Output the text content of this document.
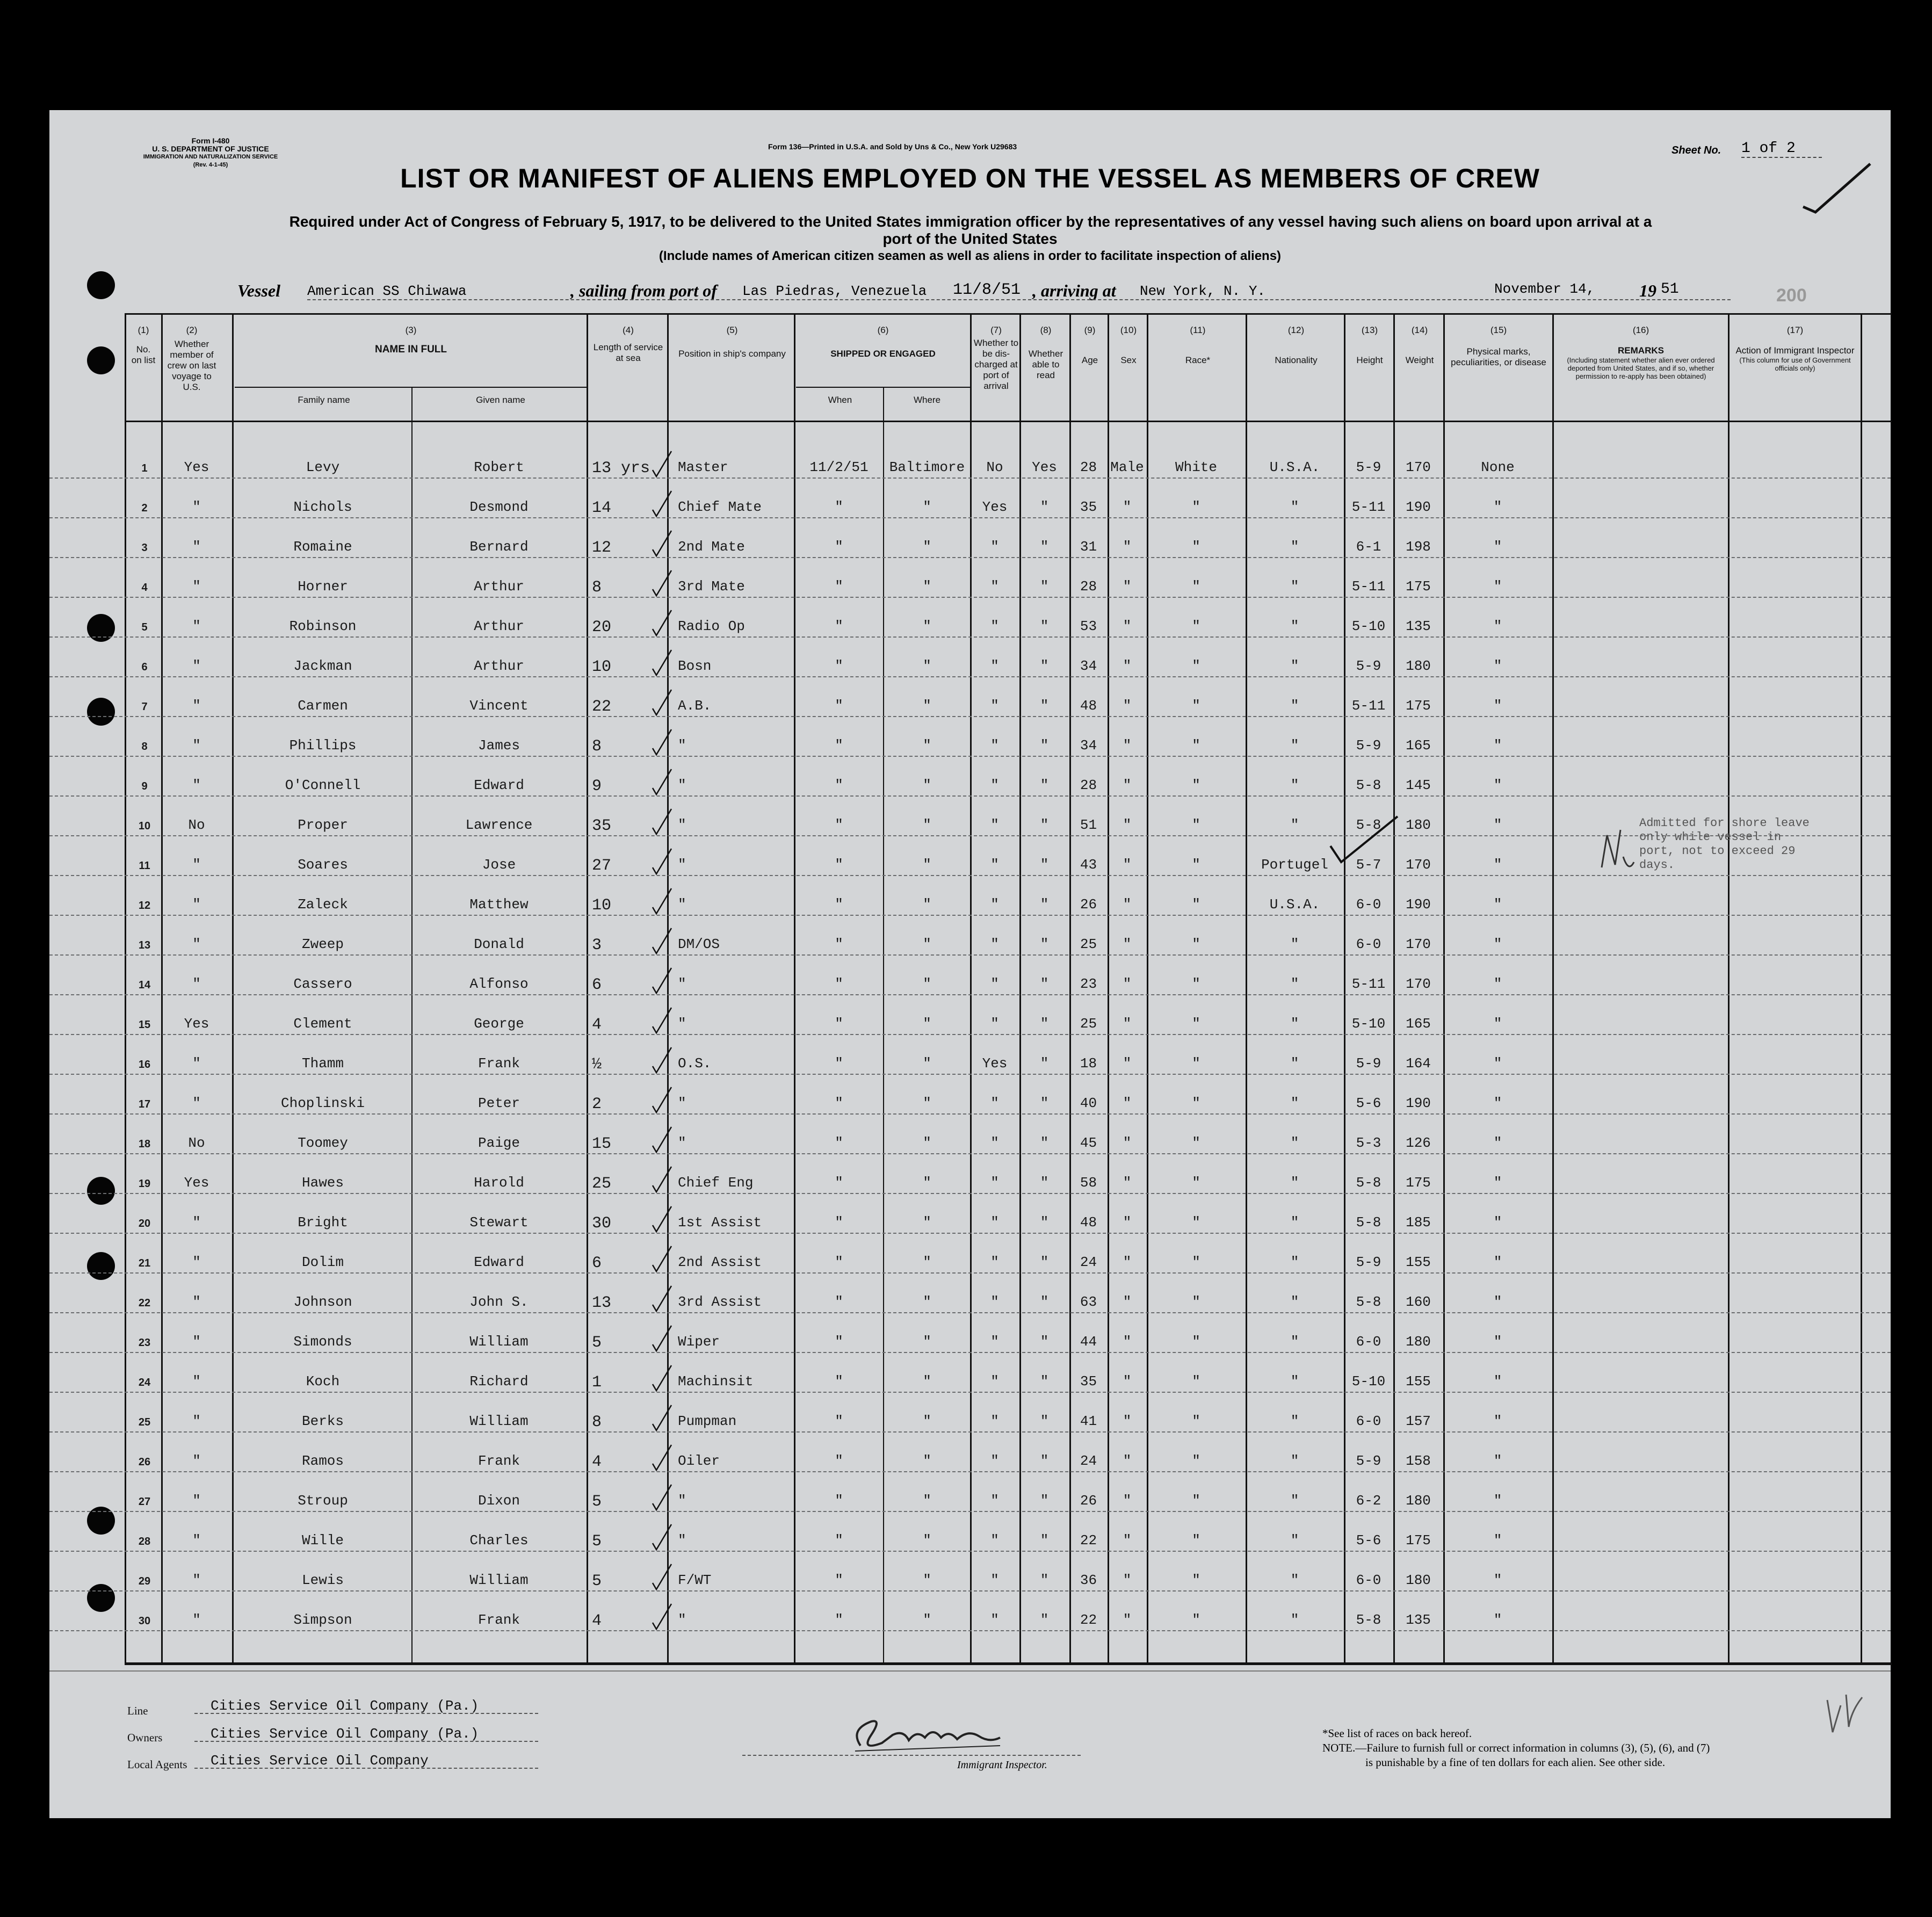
Form I-480
U. S. DEPARTMENT OF JUSTICE
IMMIGRATION AND NATURALIZATION SERVICE
(Rev. 4-1-45)
Form 136—Printed in U.S.A. and Sold by Uns & Co., New York U29683	Sheet No. 1 of 2
LIST OR MANIFEST OF ALIENS EMPLOYED ON THE VESSEL AS MEMBERS OF CREW
Required under Act of Congress of February 5, 1917, to be delivered to the United States immigration officer by the representatives of any vessel having such aliens on board upon arrival at a
port of the United States
(Include names of American citizen seamen as well as aliens in order to facilitate inspection of aliens)
Vessel American SS Chiwawa	, sailing from port of Las Piedras, Venezuela 11/8/51 , arriving at New York, N. Y.	November 14,	19 51	200
(1)
No. on list
(2)
Whether member of crew on last voyage to U.S.
(3)
NAME IN FULL
Family name	Given name
(4)
Length of service at sea
(5)
Position in ship's company
(6)
SHIPPED OR ENGAGED
When	Where
(7)
Whether to be dis-charged at port of arrival
(8)
Whether able to read
(9)
Age
(10)
Sex
(11)
Race*
(12)
Nationality
(13)
Height
(14)
Weight
(15)
Physical marks, peculiarities, or disease
(16)
REMARKS
(Including statement whether alien ever ordered deported from United States, and if so, whether permission to re-apply has been obtained)
(17)
Action of Immigrant Inspector
(This column for use of Government officials only)
1	Yes	Levy	Robert	13 yrs	Master	11/2/51	Baltimore	No	Yes	28 Male	White	U.S.A.	5-9	170	None
2	"	Nichols	Desmond	14	Chief Mate	"	"	Yes	"	35	"	"	"	5-11	190	"
3	"	Romaine	Bernard	12	2nd Mate	"	"	"	"	31	"	"	"	6-1	198	"
4	"	Horner	Arthur	8	3rd Mate	"	"	"	"	28	"	"	"	5-11	175	"
5	"	Robinson	Arthur	20	Radio Op	"	"	"	"	53	"	"	"	5-10	135	"
6	"	Jackman	Arthur	10	Bosn	"	"	"	"	34	"	"	"	5-9	180	"
7	"	Carmen	Vincent	22	A.B.	"	"	"	"	48	"	"	"	5-11	175	"
8	"	Phillips	James	8	"	"	"	"	"	34	"	"	"	5-9	165	"
9	"	O'Connell	Edward	9	"	"	"	"	"	28	"	"	"	5-8	145	"
10	No	Proper	Lawrence	35	"	"	"	"	"	51	"	"	"	5-8	180	"
11	"	Soares	Jose	27	"	"	"	"	"	43	"	"	Portugel	5-7	170	"
12	"	Zaleck	Matthew	10	"	"	"	"	"	26	"	"	U.S.A.	6-0	190	"
13	"	Zweep	Donald	3	DM/OS	"	"	"	"	25	"	"	"	6-0	170	"
14	"	Cassero	Alfonso	6	"	"	"	"	"	23	"	"	"	5-11	170	"
15	Yes	Clement	George	4	"	"	"	"	"	25	"	"	"	5-10	165	"
16	"	Thamm	Frank	½	O.S.	"	"	Yes	"	18	"	"	"	5-9	164	"
17	"	Choplinski	Peter	2	"	"	"	"	"	40	"	"	"	5-6	190	"
18	No	Toomey	Paige	15	"	"	"	"	"	45	"	"	"	5-3	126	"
19	Yes	Hawes	Harold	25	Chief Eng	"	"	"	"	58	"	"	"	5-8	175	"
20	"	Bright	Stewart	30	1st Assist	"	"	"	"	48	"	"	"	5-8	185	"
21	"	Dolim	Edward	6	2nd Assist	"	"	"	"	24	"	"	"	5-9	155	"
22	"	Johnson	John S.	13	3rd Assist	"	"	"	"	63	"	"	"	5-8	160	"
23	"	Simonds	William	5	Wiper	"	"	"	"	44	"	"	"	6-0	180	"
24	"	Koch	Richard	1	Machinsit	"	"	"	"	35	"	"	"	5-10	155	"
25	"	Berks	William	8	Pumpman	"	"	"	"	41	"	"	"	6-0	157	"
26	"	Ramos	Frank	4	Oiler	"	"	"	"	24	"	"	"	5-9	158	"
27	"	Stroup	Dixon	5	"	"	"	"	"	26	"	"	"	6-2	180	"
28	"	Wille	Charles	5	"	"	"	"	"	22	"	"	"	5-6	175	"
29	"	Lewis	William	5	F/WT	"	"	"	"	36	"	"	"	6-0	180	"
30	"	Simpson	Frank	4	"	"	"	"	"	22	"	"	"	5-8	135	"
Admitted for shore leave only while vessel in port, not to exceed 29 days.
Line	Cities Service Oil Company (Pa.)
Owners	Cities Service Oil Company (Pa.)
Local Agents Cities Service Oil Company	Immigrant Inspector.
*See list of races on back hereof.
NOTE.—Failure to furnish full or correct information in columns (3), (5), (6), and (7)
is punishable by a fine of ten dollars for each alien. See other side.
